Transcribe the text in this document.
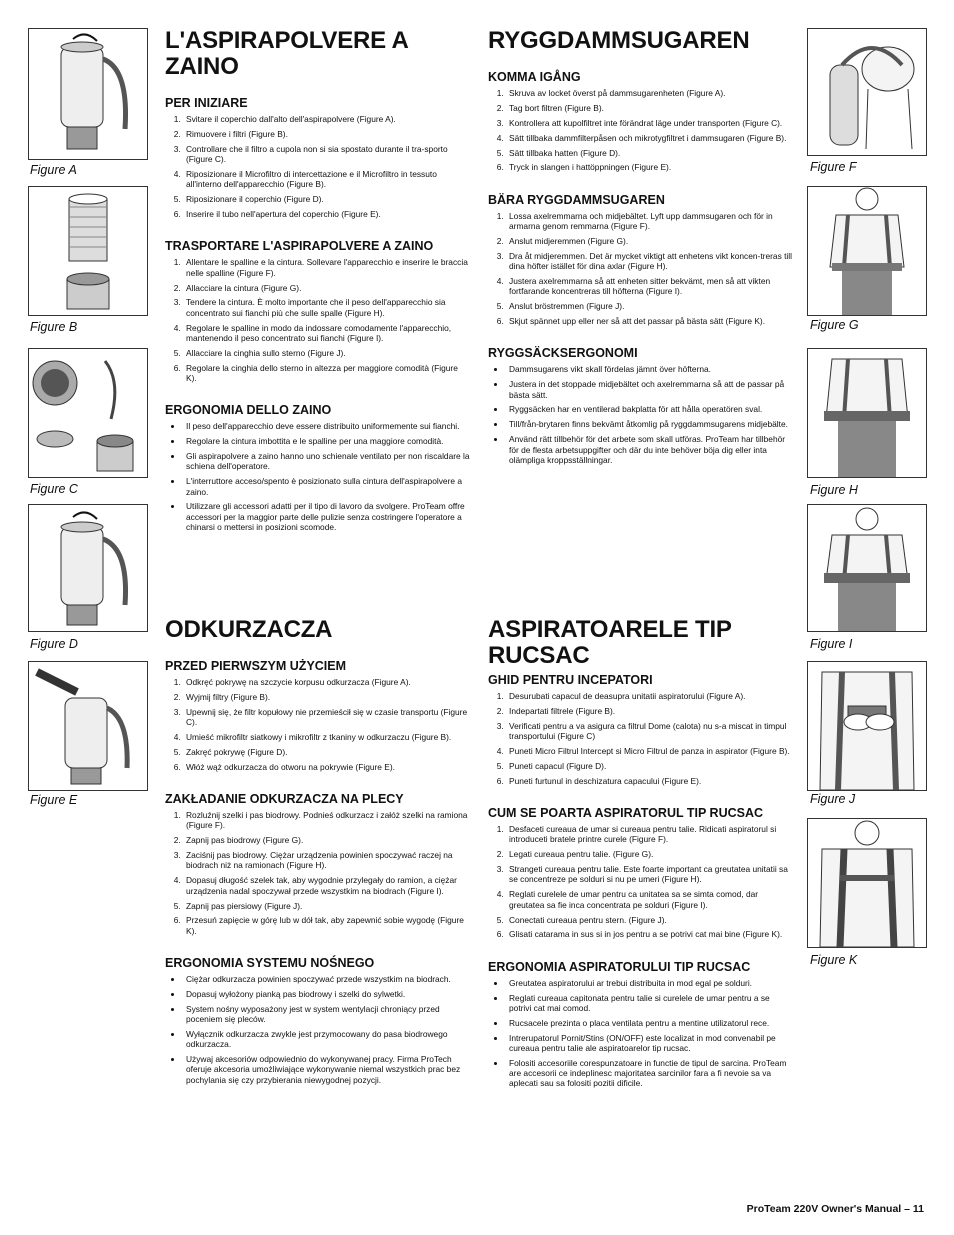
Figure A
Figure B
Figure C
Figure D
Figure E
Figure F
Figure G
Figure H
Figure I
Figure J
Figure K
L'ASPIRAPOLVERE A ZAINO
PER INIZIARE
1. Svitare il coperchio dall'alto dell'aspirapolvere (Figure A).
2. Rimuovere i filtri (Figure B).
3. Controllare che il filtro a cupola non si sia spostato durante il tra-sporto (Figure C).
4. Riposizionare il Microfiltro di intercettazione e il Microfiltro in tessuto all'interno dell'apparecchio (Figure B).
5. Riposizionare il coperchio (Figure D).
6. Inserire il tubo nell'apertura del coperchio (Figure E).
TRASPORTARE L'ASPIRAPOLVERE A ZAINO
1. Allentare le spalline e la cintura. Sollevare l'apparecchio e inserire le braccia nelle spalline (Figure F).
2. Allacciare la cintura (Figure G).
3. Tendere la cintura. È molto importante che il peso dell'apparecchio sia concentrato sui fianchi più che sulle spalle (Figure H).
4. Regolare le spalline in modo da indossare comodamente l'apparecchio, mantenendo il peso concentrato sui fianchi (Figure I).
5. Allacciare la cinghia sullo sterno (Figure J).
6. Regolare la cinghia dello sterno in altezza per maggiore comodità (Figure K).
ERGONOMIA DELLO ZAINO
• Il peso dell'apparecchio deve essere distribuito uniformemente sui fianchi.
• Regolare la cintura imbottita e le spalline per una maggiore comodità.
• Gli aspirapolvere a zaino hanno uno schienale ventilato per non riscaldare la schiena dell'operatore.
• L'interruttore acceso/spento è posizionato sulla cintura dell'aspirapolvere a zaino.
• Utilizzare gli accessori adatti per il tipo di lavoro da svolgere. ProTeam offre accessori per la maggior parte delle pulizie senza costringere l'operatore a chinarsi o mettersi in posizioni scomode.
RYGGDAMMSUGAREN
KOMMA IGÅNG
1. Skruva av locket överst på dammsugarenheten (Figure A).
2. Tag bort filtren (Figure B).
3. Kontrollera att kupolfiltret inte förändrat läge under transporten (Figure C).
4. Sätt tillbaka dammfilterpåsen och mikrotygfiltret i dammsugaren (Figure B).
5. Sätt tillbaka hatten (Figure D).
6. Tryck in slangen i hattöppningen (Figure E).
BÄRA RYGGDAMMSUGAREN
1. Lossa axelremmarna och midjebältet. Lyft upp dammsugaren och för in armarna genom remmarna (Figure F).
2. Anslut midjeremmen (Figure G).
3. Dra åt midjeremmen. Det är mycket viktigt att enhetens vikt koncen-treras till dina höfter istället för dina axlar (Figure H).
4. Justera axelremmarna så att enheten sitter bekvämt, men så att vikten fortfarande koncentreras till höfterna (Figure I).
5. Anslut bröstremmen (Figure J).
6. Skjut spännet upp eller ner så att det passar på bästa sätt (Figure K).
RYGGSÄCKSERGONOMI
• Dammsugarens vikt skall fördelas jämnt över höfterna.
• Justera in det stoppade midjebältet och axelremmarna så att de passar på bästa sätt.
• Ryggsäcken har en ventilerad bakplatta för att hålla operatören sval.
• Till/från-brytaren finns bekvämt åtkomlig på ryggdammsugarens midjebälte.
• Använd rätt tillbehör för det arbete som skall utföras. ProTeam har tillbehör för de flesta arbetsuppgifter och där du inte behöver böja dig eller inta olämpliga kroppsställningar.
ODKURZACZA
PRZED PIERWSZYM UŻYCIEM
1. Odkręć pokrywę na szczycie korpusu odkurzacza (Figure A).
2. Wyjmij filtry (Figure B).
3. Upewnij się, że filtr kopułowy nie przemieścił się w czasie transportu (Figure C).
4. Umieść mikrofiltr siatkowy i mikrofiltr z tkaniny w odkurzaczu (Figure B).
5. Zakręć pokrywę (Figure D).
6. Włóż wąż odkurzacza do otworu na pokrywie (Figure E).
ZAKŁADANIE ODKURZACZA NA PLECY
1. Rozluźnij szelki i pas biodrowy. Podnieś odkurzacz i załóż szelki na ramiona (Figure F).
2. Zapnij pas biodrowy (Figure G).
3. Zaciśnij pas biodrowy. Ciężar urządzenia powinien spoczywać raczej na biodrach niż na ramionach (Figure H).
4. Dopasuj długość szelek tak, aby wygodnie przylegały do ramion, a ciężar urządzenia nadal spoczywał przede wszystkim na biodrach (Figure I).
5. Zapnij pas piersiowy (Figure J).
6. Przesuń zapięcie w górę lub w dół tak, aby zapewnić sobie wygodę (Figure K).
ERGONOMIA SYSTEMU NOŚNEGO
• Ciężar odkurzacza powinien spoczywać przede wszystkim na biodrach.
• Dopasuj wyłożony pianką pas biodrowy i szelki do sylwetki.
• System nośny wyposażony jest w system wentylacji chroniący przed poceniem się pleców.
• Wyłącznik odkurzacza zwykle jest przymocowany do pasa biodrowego odkurzacza.
• Używaj akcesoriów odpowiednio do wykonywanej pracy. Firma ProTech oferuje akcesoria umożliwiające wykonywanie niemal wszystkich prac bez pochylania się czy przybierania niewygodnej pozycji.
ASPIRATOARELE TIP RUCSAC
GHID PENTRU INCEPATORI
1. Desurubati capacul de deasupra unitatii aspiratorului (Figure A).
2. Indepartati filtrele (Figure B).
3. Verificati pentru a va asigura ca filtrul Dome (calota) nu s-a miscat in timpul transportului (Figure C)
4. Puneti Micro Filtrul Intercept si Micro Filtrul de panza in aspirator (Figure B).
5. Puneti capacul (Figure D).
6. Puneti furtunul in deschizatura capacului (Figure E).
CUM SE POARTA ASPIRATORUL TIP RUCSAC
1. Desfaceti cureaua de umar si cureaua pentru talie. Ridicati aspiratorul si introduceti bratele printre curele (Figure F).
2. Legati cureaua pentru talie. (Figure G).
3. Strangeti cureaua pentru talie. Este foarte important ca greutatea unitatii sa se concentreze pe solduri si nu pe umeri (Figure H).
4. Reglati curelele de umar pentru ca unitatea sa se simta comod, dar greutatea sa fie inca concentrata pe solduri (Figure I).
5. Conectati cureaua pentru stern. (Figure J).
6. Glisati catarama in sus si in jos pentru a se potrivi cat mai bine (Figure K).
ERGONOMIA ASPIRATORULUI TIP RUCSAC
• Greutatea aspiratorului ar trebui distribuita in mod egal pe solduri.
• Reglati cureaua capitonata pentru talie si curelele de umar pentru a se potrivi cat mai comod.
• Rucsacele prezinta o placa ventilata pentru a mentine utilizatorul rece.
• Intrerupatorul Pornit/Stins (ON/OFF) este localizat in mod convenabil pe cureaua pentru talie ale aspiratoarelor tip rucsac.
• Folositi accesoriile corespunzatoare in functie de tipul de sarcina. ProTeam are accesorii ce indeplinesc majoritatea sarcinilor fara a fi nevoie sa va aplecati sau sa folositi pozitii dificile.
ProTeam 220V Owner's Manual – 11
